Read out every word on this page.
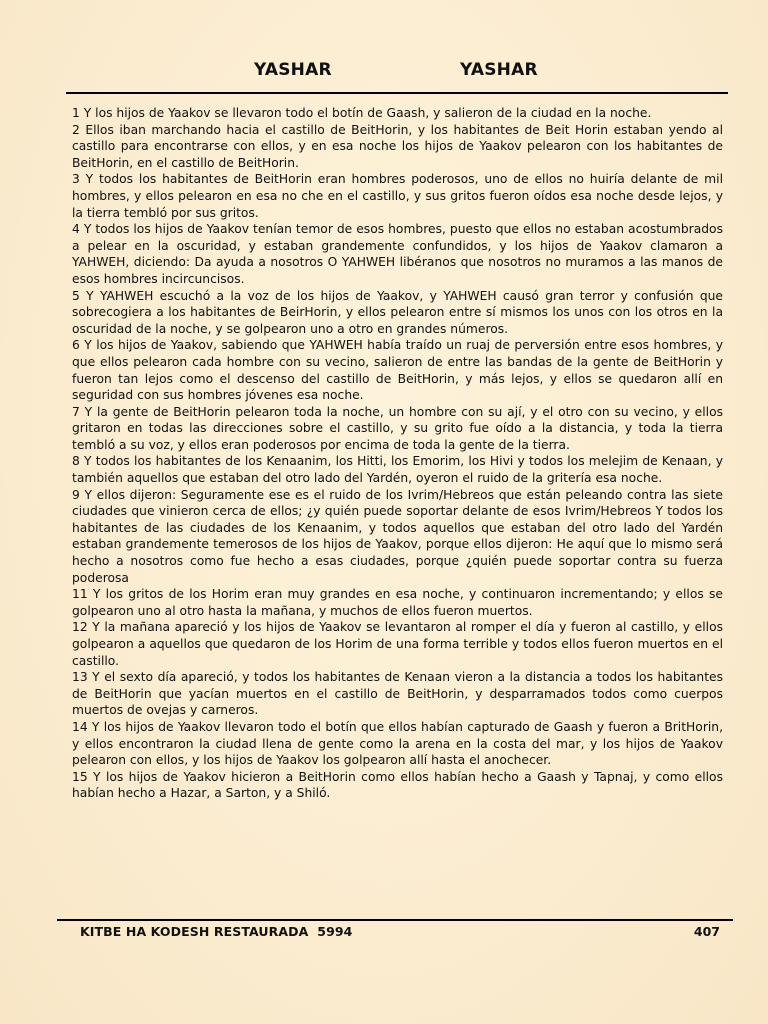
YASHAR	YASHAR

1 Y los hijos de Yaakov se llevaron todo el botín de Gaash, y salieron de la ciudad en la noche.

2 Ellos iban marchando hacia el castillo de BeitHorin, y los habitantes de Beit Horin estaban yendo al castillo para encontrarse con ellos, y en esa noche los hijos de Yaakov pelearon con los habitantes de BeitHorin, en el castillo de BeitHorin.

3 Y todos los habitantes de BeitHorin eran hombres poderosos, uno de ellos no huiría delante de mil hombres, y ellos pelearon en esa no che en el castillo, y sus gritos fueron oídos esa noche desde lejos, y la tierra tembló por sus gritos.

4 Y todos los hijos de Yaakov tenían temor de esos hombres, puesto que ellos no estaban acostumbrados a pelear en la oscuridad, y estaban grandemente confundidos, y los hijos de Yaakov clamaron a YAHWEH, diciendo: Da ayuda a nosotros O YAHWEH libéranos que nosotros no muramos a las manos de esos hombres incircuncisos.

5 Y YAHWEH escuchó a la voz de los hijos de Yaakov, y YAHWEH causó gran terror y confusión que sobrecogiera a los habitantes de BeirHorin, y ellos pelearon entre sí mismos los unos con los otros en la oscuridad de la noche, y se golpearon uno a otro en grandes números.

6 Y los hijos de Yaakov, sabiendo que YAHWEH había traído un ruaj de perversión entre esos hombres, y que ellos pelearon cada hombre con su vecino, salieron de entre las bandas de la gente de BeitHorin y fueron tan lejos como el descenso del castillo de BeitHorin, y más lejos, y ellos se quedaron allí en seguridad con sus hombres jóvenes esa noche.

7 Y la gente de BeitHorin pelearon toda la noche, un hombre con su ají, y el otro con su vecino, y ellos gritaron en todas las direcciones sobre el castillo, y su grito fue oído a la distancia, y toda la tierra tembló a su voz, y ellos eran poderosos por encima de toda la gente de la tierra.

8 Y todos los habitantes de los Kenaanim, los Hitti, los Emorim, los Hivi y todos los melejim de Kenaan, y también aquellos que estaban del otro lado del Yardén, oyeron el ruido de la gritería esa noche.

9 Y ellos dijeron: Seguramente ese es el ruido de los Ivrim/Hebreos que están peleando contra las siete ciudades que vinieron cerca de ellos; ¿y quién puede soportar delante de esos Ivrim/Hebreos Y todos los habitantes de las ciudades de los Kenaanim, y todos aquellos que estaban del otro lado del Yardén estaban grandemente temerosos de los hijos de Yaakov, porque ellos dijeron: He aquí que lo mismo será hecho a nosotros como fue hecho a esas ciudades, porque ¿quién puede soportar contra su fuerza poderosa

11 Y los gritos de los Horim eran muy grandes en esa noche, y continuaron incrementando; y ellos se golpearon uno al otro hasta la mañana, y muchos de ellos fueron muertos.

12 Y la mañana apareció y los hijos de Yaakov se levantaron al romper el día y fueron al castillo, y ellos golpearon a aquellos que quedaron de los Horim de una forma terrible y todos ellos fueron muertos en el castillo.

13 Y el sexto día apareció, y todos los habitantes de Kenaan vieron a la distancia a todos los habitantes de BeitHorin que yacían muertos en el castillo de BeitHorin, y desparramados todos como cuerpos muertos de ovejas y carneros.

14 Y los hijos de Yaakov llevaron todo el botín que ellos habían capturado de Gaash y fueron a BritHorin, y ellos encontraron la ciudad llena de gente como la arena en la costa del mar, y los hijos de Yaakov pelearon con ellos, y los hijos de Yaakov los golpearon allí hasta el anochecer.

15 Y los hijos de Yaakov hicieron a BeitHorin como ellos habían hecho a Gaash y Tapnaj, y como ellos habían hecho a Hazar, a Sarton, y a Shiló.

KITBE HA KODESH RESTAURADA  5994	407
